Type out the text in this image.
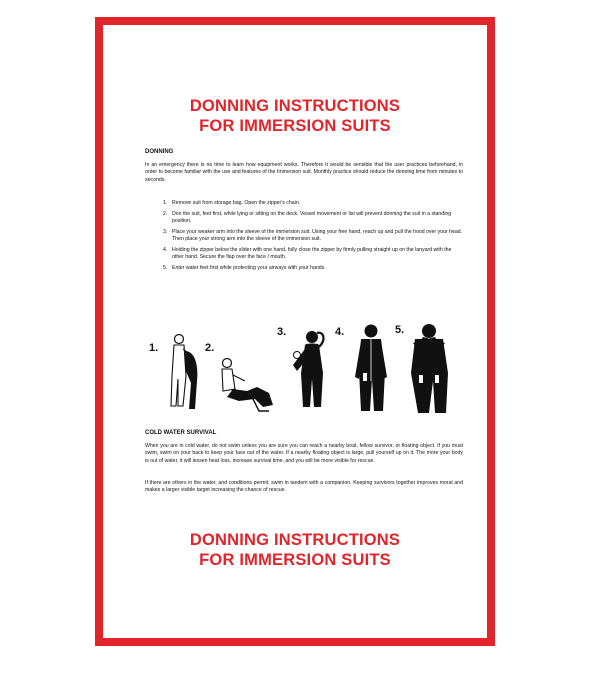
DONNING INSTRUCTIONS
FOR IMMERSION SUITS
DONNING

In an emergency there is no time to learn how equipment works. Therefore it would be sensible that the user practices beforehand, in order to become familiar with the use and features of the Immersion suit. Monthly practice should reduce the donning time from minutes to seconds.

1. Remove suit from storage bag. Open the zipper's chain.
2. Don the suit, feet first, while lying or sitting on the deck. Vessel movement or list will prevent donning the suit in a standing position.
3. Place your weaker arm into the sleeve of the immersion suit. Using your free hand, reach up and pull the hood over your head. Then place your strong arm into the sleeve of the immersion suit.
4. Holding the zipper below the slider with one hand, fully close the zipper by firmly pulling straight up on the lanyard with the other hand. Secure the flap over the face / mouth.
5. Enter water feet first while protecting your airways with your hands.
1.	2.
3.	4.	5.
COLD WATER SURVIVAL

When you are in cold water, do not swim unless you are sure you can reach a nearby boat, fellow survivor, or floating object. If you must swim, swim on your back to keep your face out of the water. If a nearby floating object is large, pull yourself up on it. The more your body is out of water, it will lessen heat loss, increase survival time, and you will be more visible for rescue.

If there are others in the water, and conditions permit, swim in tandem with a companion. Keeping survivors together improves moral and makes a larger visible target increasing the chance of rescue.

DONNING INSTRUCTIONS
FOR IMMERSION SUITS
